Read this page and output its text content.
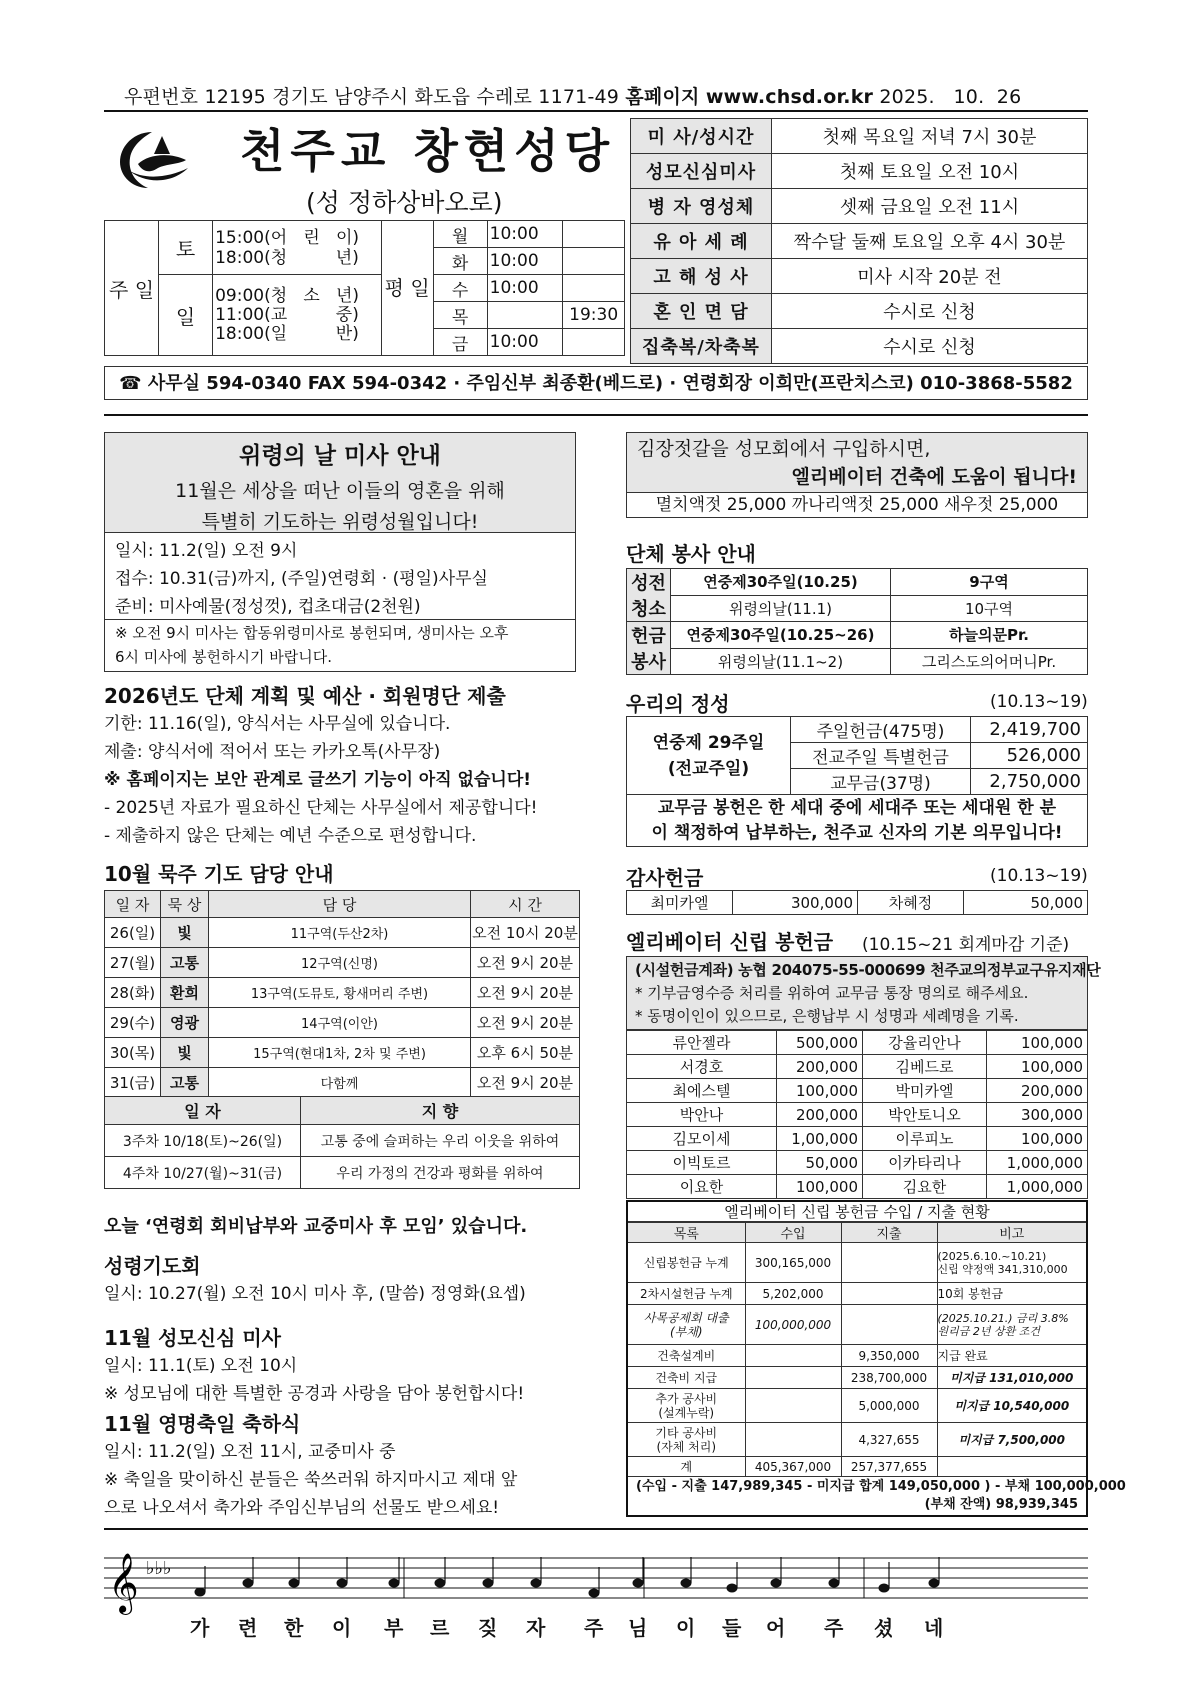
우편번호 12195 경기도 남양주시 화도읍 수레로 1171-49 홈페이지 www.chsd.or.kr 2025.   10.  26
천주교 창현성당
(성 정하상바오로)
주 일	토	15:00(어   린   이)
18:00(청         년)	평 일	월	10:00	
				화	10:00	
	일	09:00(청   소   년)
11:00(교         중)
18:00(일         반)		수	10:00	
				목		19:30
				금	10:00	
미 사/성시간	첫째 목요일 저녁 7시 30분
성모신심미사	첫째 토요일 오전 10시
병 자 영성체	셋째 금요일 오전 11시
유 아 세 례	짝수달 둘째 토요일 오후 4시 30분
고 해 성 사	미사 시작 20분 전
혼 인 면 담	수시로 신청
집축복/차축복	수시로 신청
☎ 사무실 594-0340 FAX 594-0342 · 주임신부 최종환(베드로) · 연령회장 이희만(프란치스코) 010-3868-5582
위령의 날 미사 안내
11월은 세상을 떠난 이들의 영혼을 위해
특별히 기도하는 위령성월입니다!
일시: 11.2(일) 오전 9시
접수: 10.31(금)까지, (주일)연령회 · (평일)사무실
준비: 미사예물(정성껏), 컵초대금(2천원)
※ 오전 9시 미사는 합동위령미사로 봉헌되며, 생미사는 오후
6시 미사에 봉헌하시기 바랍니다.
2026년도 단체 계획 및 예산 · 회원명단 제출
기한: 11.16(일), 양식서는 사무실에 있습니다.
제출: 양식서에 적어서 또는 카카오톡(사무장)
※ 홈페이지는 보안 관계로 글쓰기 기능이 아직 없습니다!
- 2025년 자료가 필요하신 단체는 사무실에서 제공합니다!
- 제출하지 않은 단체는 예년 수준으로 편성합니다.
10월 묵주 기도 담당 안내
일 자	묵 상	담 당	시 간
26(일)	빛	11구역(두산2차)	오전 10시 20분
27(월)	고통	12구역(신명)	오전 9시 20분
28(화)	환희	13구역(도뮤토, 황새머리 주변)	오전 9시 20분
29(수)	영광	14구역(이안)	오전 9시 20분
30(목)	빛	15구역(현대1차, 2차 및 주변)	오후 6시 50분
31(금)	고통	다함께	오전 9시 20분
일 자	지 향
3주차 10/18(토)~26(일)	고통 중에 슬퍼하는 우리 이웃을 위하여
4주차 10/27(월)~31(금)	우리 가정의 건강과 평화를 위하여
오늘 ‘연령회 회비납부와 교중미사 후 모임’ 있습니다.
성령기도회
일시: 10.27(월) 오전 10시 미사 후, (말씀) 정영화(요셉)
11월 성모신심 미사
일시: 11.1(토) 오전 10시
※ 성모님에 대한 특별한 공경과 사랑을 담아 봉헌합시다!
11월 영명축일 축하식
일시: 11.2(일) 오전 11시, 교중미사 중
※ 축일을 맞이하신 분들은 쑥쓰러워 하지마시고 제대 앞
으로 나오셔서 축가와 주임신부님의 선물도 받으세요!
김장젓갈을 성모회에서 구입하시면,
엘리베이터 건축에 도움이 됩니다!
멸치액젓 25,000 까나리액젓 25,000 새우젓 25,000
단체 봉사 안내
성전	연중제30주일(10.25)	9구역
청소	위령의날(11.1)	10구역
헌금	연중제30주일(10.25~26)	하늘의문Pr.
봉사	위령의날(11.1~2)	그리스도의어머니Pr.
우리의 정성	(10.13~19)
연중제 29주일
(전교주일)	주일헌금(475명)	2,419,700
	전교주일 특별헌금	526,000
	교무금(37명)	2,750,000

교무금 봉헌은 한 세대 중에 세대주 또는 세대원 한 분
이 책정하여 납부하는, 천주교 신자의 기본 의무입니다!		
감사헌금	(10.13~19)
최미카엘	300,000	차혜정	50,000
엘리베이터 신립 봉헌금 (10.15~21 회계마감 기준)
(시설헌금계좌) 농협 204075-55-000699 천주교의정부교구유지재단
* 기부금영수증 처리를 위하여 교무금 통장 명의로 해주세요.
* 동명이인이 있으므로, 은행납부 시 성명과 세례명을 기록.
류안젤라	500,000	강율리안나	100,000
서경호	200,000	김베드로	100,000
최에스텔	100,000	박미카엘	200,000
박안나	200,000	박안토니오	300,000
김모이세	1,00,000	이루피노	100,000
이빅토르	50,000	이카타리나	1,000,000
이요한	100,000	김요한	1,000,000
엘리베이터 신립 봉헌금 수입 / 지출 현황
목록	수입	지출	비고
신립봉헌금 누계	300,165,000		(2025.6.10.~10.21)
신립 약정액 341,310,000
2차시설헌금 누계	5,202,000		10회 봉헌금
사목공제회 대출
(부채)	100,000,000		(2025.10.21.) 금리 3.8%
원리금 2년 상환 조건
건축설계비		9,350,000	지급 완료
건축비 지급		238,700,000	미지급 131,010,000
추가 공사비
(설계누락)		5,000,000	미지급 10,540,000
기타 공사비
(자체 처리)		4,327,655	미지급 7,500,000
계	405,367,000	257,377,655	
(수입 - 지출 147,989,345 - 미지급 합계 149,050,000 ) - 부채 100,000,000
(부채 잔액) 98,939,345
𝄞 ♭♭♭
가 련 한 이 부 르 짖 자 주 님 이 들 어 주 셨 네
